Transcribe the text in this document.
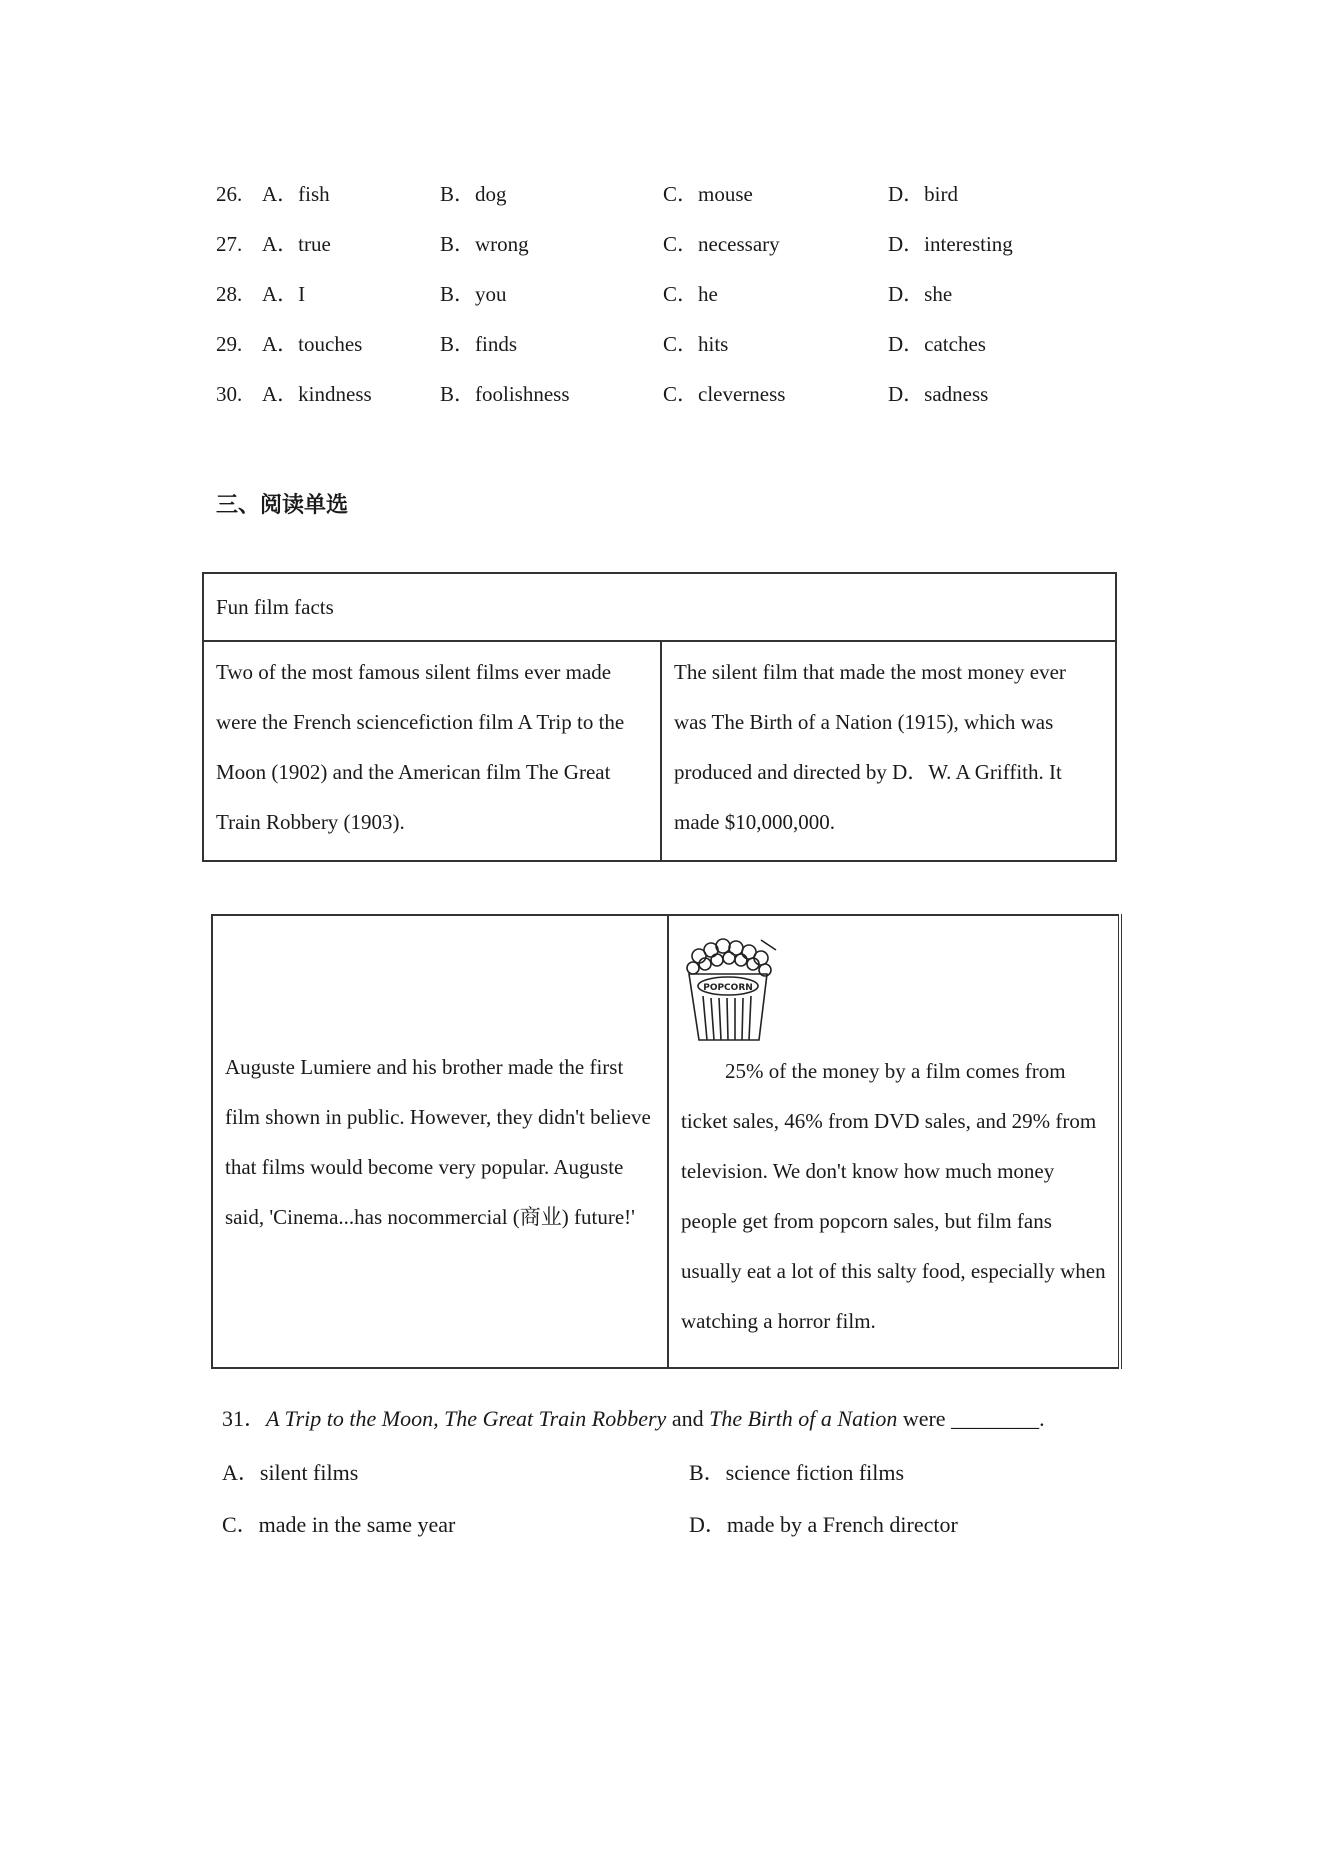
26. A．fish	B．dog	C．mouse	D．bird
27. A．true	B．wrong	C．necessary	D．interesting
28. A．I	B．you	C．he	D．she
29. A．touches	B．finds	C．hits	D．catches
30. A．kindness	B．foolishness	C．cleverness	D．sadness
三、阅读单选
Fun film facts

Two of the most famous silent films ever made were the French sciencefiction film A Trip to the Moon (1902) and the American film The Great Train Robbery (1903).

The silent film that made the most money ever was The Birth of a Nation (1915), which was produced and directed by D．W. A Griffith. It made $10,000,000.
Auguste Lumiere and his brother made the first film shown in public. However, they didn't believe that films would become very popular. Auguste said, 'Cinema...has nocommercial (商业) future!'

POPCORN
25% of the money by a film comes from ticket sales, 46% from DVD sales, and 29% from television. We don't know how much money people get from popcorn sales, but film fans usually eat a lot of this salty food, especially when watching a horror film.
31．A Trip to the Moon, The Great Train Robbery and The Birth of a Nation were ________.
A．silent films	B．science fiction films
C．made in the same year	D．made by a French director
